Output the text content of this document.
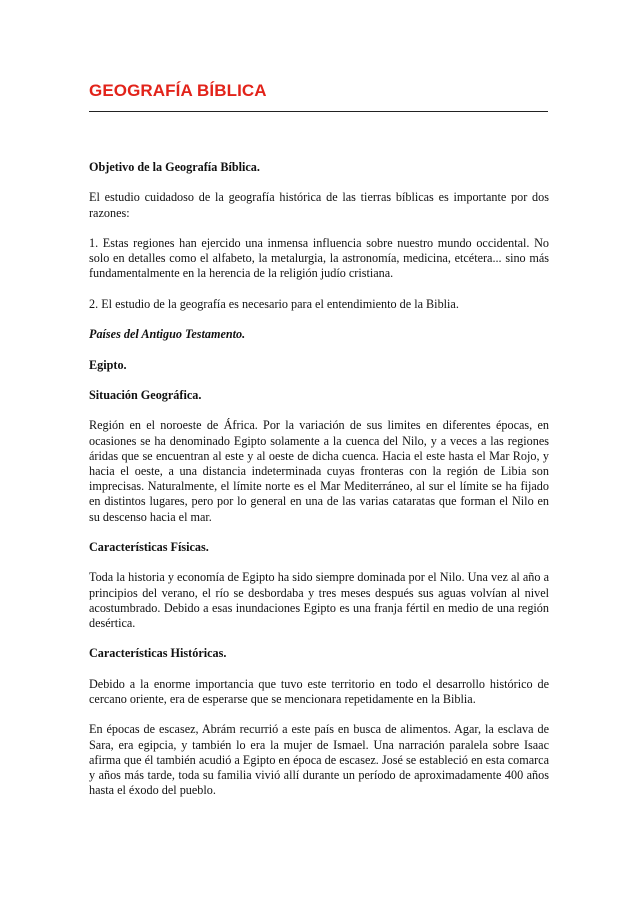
GEOGRAFÍA BÍBLICA

Objetivo de la Geografía Bíblica.

El estudio cuidadoso de la geografía histórica de las tierras bíblicas es importante por dos razones:

1. Estas regiones han ejercido una inmensa influencia sobre nuestro mundo occidental. No solo en detalles como el alfabeto, la metalurgia, la astronomía, medicina, etcétera... sino más fundamentalmente en la herencia de la religión judío cristiana.

2. El estudio de la geografía es necesario para el entendimiento de la Biblia.

Países del Antiguo Testamento.

Egipto.

Situación Geográfica.

Región en el noroeste de África. Por la variación de sus limites en diferentes épocas, en ocasiones se ha denominado Egipto solamente a la cuenca del Nilo, y a veces a las regiones áridas que se encuentran al este y al oeste de dicha cuenca. Hacia el este hasta el Mar Rojo, y hacia el oeste, a una distancia indeterminada cuyas fronteras con la región de Libia son imprecisas. Naturalmente, el límite norte es el Mar Mediterráneo, al sur el límite se ha fijado en distintos lugares, pero por lo general en una de las varias cataratas que forman el Nilo en su descenso hacia el mar.

Características Físicas.

Toda la historia y economía de Egipto ha sido siempre dominada por el Nilo. Una vez al año a principios del verano, el río se desbordaba y tres meses después sus aguas volvían al nivel acostumbrado. Debido a esas inundaciones Egipto es una franja fértil en medio de una región desértica.

Características Históricas.

Debido a la enorme importancia que tuvo este territorio en todo el desarrollo histórico de cercano oriente, era de esperarse que se mencionara repetidamente en la Biblia.

En épocas de escasez, Abrám recurrió a este país en busca de alimentos. Agar, la esclava de Sara, era egipcia, y también lo era la mujer de Ismael. Una narración paralela sobre Isaac afirma que él también acudió a Egipto en época de escasez. José se estableció en esta comarca y años más tarde, toda su familia vivió allí durante un período de aproximadamente 400 años hasta el éxodo del pueblo.
